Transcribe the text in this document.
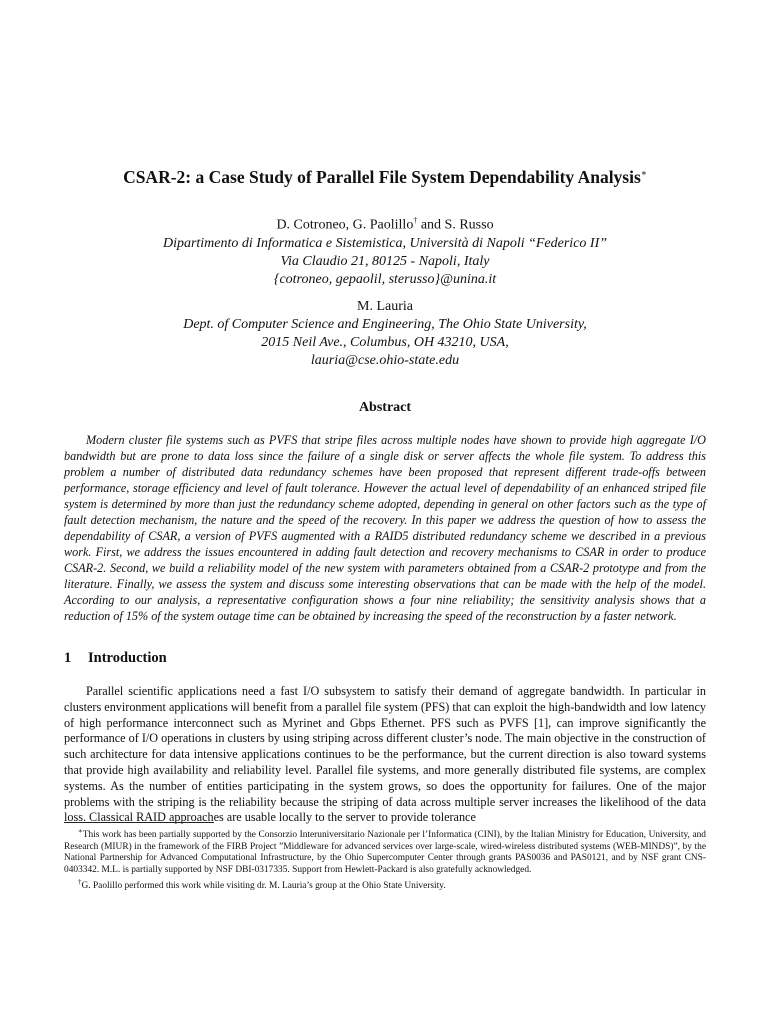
CSAR-2: a Case Study of Parallel File System Dependability Analysis∗
D. Cotroneo, G. Paolillo† and S. Russo
Dipartimento di Informatica e Sistemistica, Università di Napoli “Federico II”
Via Claudio 21, 80125 - Napoli, Italy
{cotroneo, gepaolil, sterusso}@unina.it
M. Lauria
Dept. of Computer Science and Engineering, The Ohio State University,
2015 Neil Ave., Columbus, OH 43210, USA,
lauria@cse.ohio-state.edu
Abstract

Modern cluster file systems such as PVFS that stripe files across multiple nodes have shown to provide high aggregate I/O bandwidth but are prone to data loss since the failure of a single disk or server affects the whole file system. To address this problem a number of distributed data redundancy schemes have been proposed that represent different trade-offs between performance, storage efficiency and level of fault tolerance. However the actual level of dependability of an enhanced striped file system is determined by more than just the redundancy scheme adopted, depending in general on other factors such as the type of fault detection mechanism, the nature and the speed of the recovery. In this paper we address the question of how to assess the dependability of CSAR, a version of PVFS augmented with a RAID5 distributed redundancy scheme we described in a previous work. First, we address the issues encountered in adding fault detection and recovery mechanisms to CSAR in order to produce CSAR-2. Second, we build a reliability model of the new system with parameters obtained from a CSAR-2 prototype and from the literature. Finally, we assess the system and discuss some interesting observations that can be made with the help of the model. According to our analysis, a representative configuration shows a four nine reliability; the sensitivity analysis shows that a reduction of 15% of the system outage time can be obtained by increasing the speed of the reconstruction by a faster network.

1 Introduction

Parallel scientific applications need a fast I/O subsystem to satisfy their demand of aggregate bandwidth. In particular in clusters environment applications will benefit from a parallel file system (PFS) that can exploit the high-bandwidth and low latency of high performance interconnect such as Myrinet and Gbps Ethernet. PFS such as PVFS [1], can improve significantly the performance of I/O operations in clusters by using striping across different cluster’s node. The main objective in the construction of such architecture for data intensive applications continues to be the performance, but the current direction is also toward systems that provide high availability and reliability level. Parallel file systems, and more generally distributed file systems, are complex systems. As the number of entities participating in the system grows, so does the opportunity for failures. One of the major problems with the striping is the reliability because the striping of data across multiple server increases the likelihood of the data loss. Classical RAID approaches are usable locally to the server to provide tolerance

∗This work has been partially supported by the Consorzio Interuniversitario Nazionale per l’Informatica (CINI), by the Italian Ministry for Education, University, and Research (MIUR) in the framework of the FIRB Project ”Middleware for advanced services over large-scale, wired-wireless distributed systems (WEB-MINDS)”, by the National Partnership for Advanced Computational Infrastructure, by the Ohio Supercomputer Center through grants PAS0036 and PAS0121, and by NSF grant CNS-0403342. M.L. is partially supported by NSF DBI-0317335. Support from Hewlett-Packard is also gratefully acknowledged.

†G. Paolillo performed this work while visiting dr. M. Lauria’s group at the Ohio State University.
